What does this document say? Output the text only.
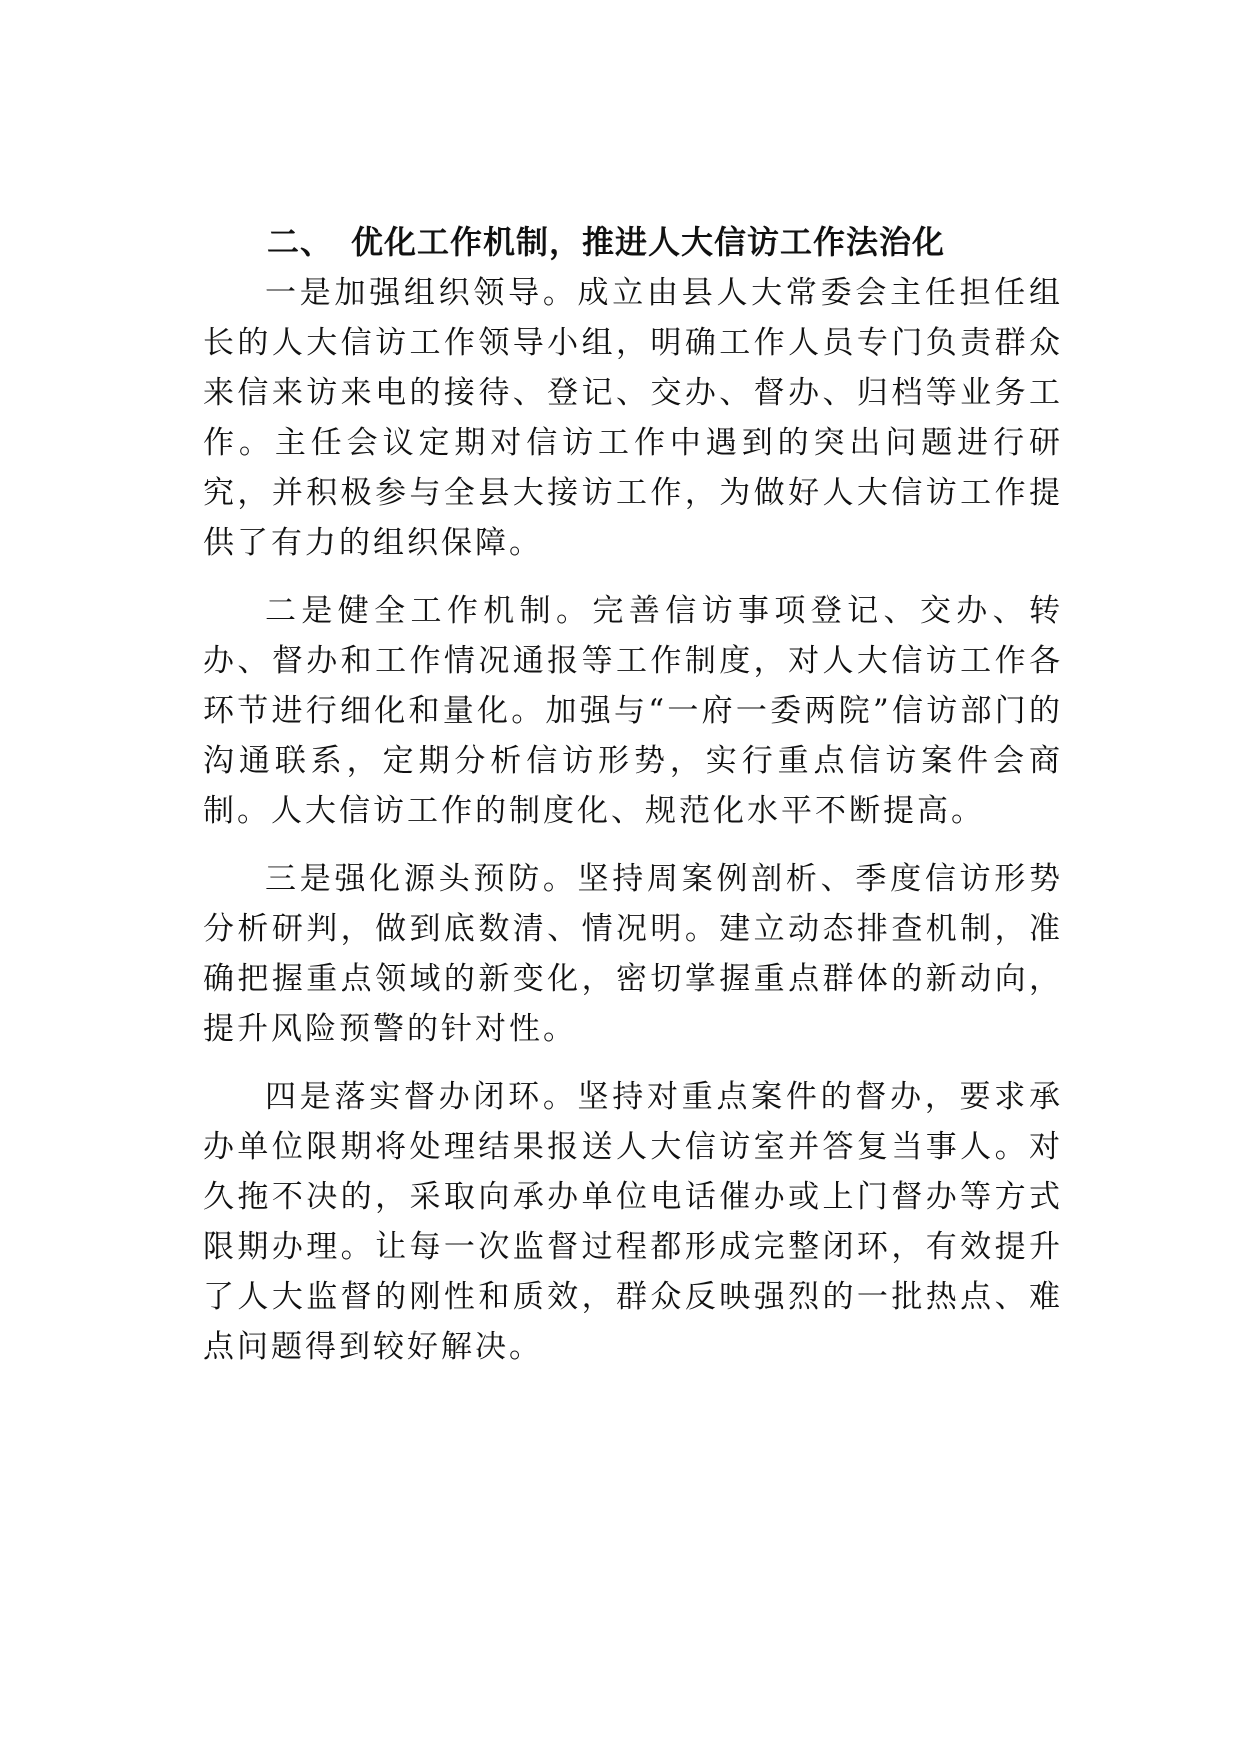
二、 优化工作机制，推进人大信访工作法治化

一是加强组织领导。成立由县人大常委会主任担任组长的人大信访工作领导小组，明确工作人员专门负责群众来信来访来电的接待、登记、交办、督办、归档等业务工作。主任会议定期对信访工作中遇到的突出问题进行研究，并积极参与全县大接访工作，为做好人大信访工作提供了有力的组织保障。

二是健全工作机制。完善信访事项登记、交办、转办、督办和工作情况通报等工作制度，对人大信访工作各环节进行细化和量化。加强与“一府一委两院”信访部门的沟通联系，定期分析信访形势，实行重点信访案件会商制。人大信访工作的制度化、规范化水平不断提高。

三是强化源头预防。坚持周案例剖析、季度信访形势分析研判，做到底数清、情况明。建立动态排查机制，准确把握重点领域的新变化，密切掌握重点群体的新动向，提升风险预警的针对性。

四是落实督办闭环。坚持对重点案件的督办，要求承办单位限期将处理结果报送人大信访室并答复当事人。对久拖不决的，采取向承办单位电话催办或上门督办等方式限期办理。让每一次监督过程都形成完整闭环，有效提升了人大监督的刚性和质效，群众反映强烈的一批热点、难点问题得到较好解决。
